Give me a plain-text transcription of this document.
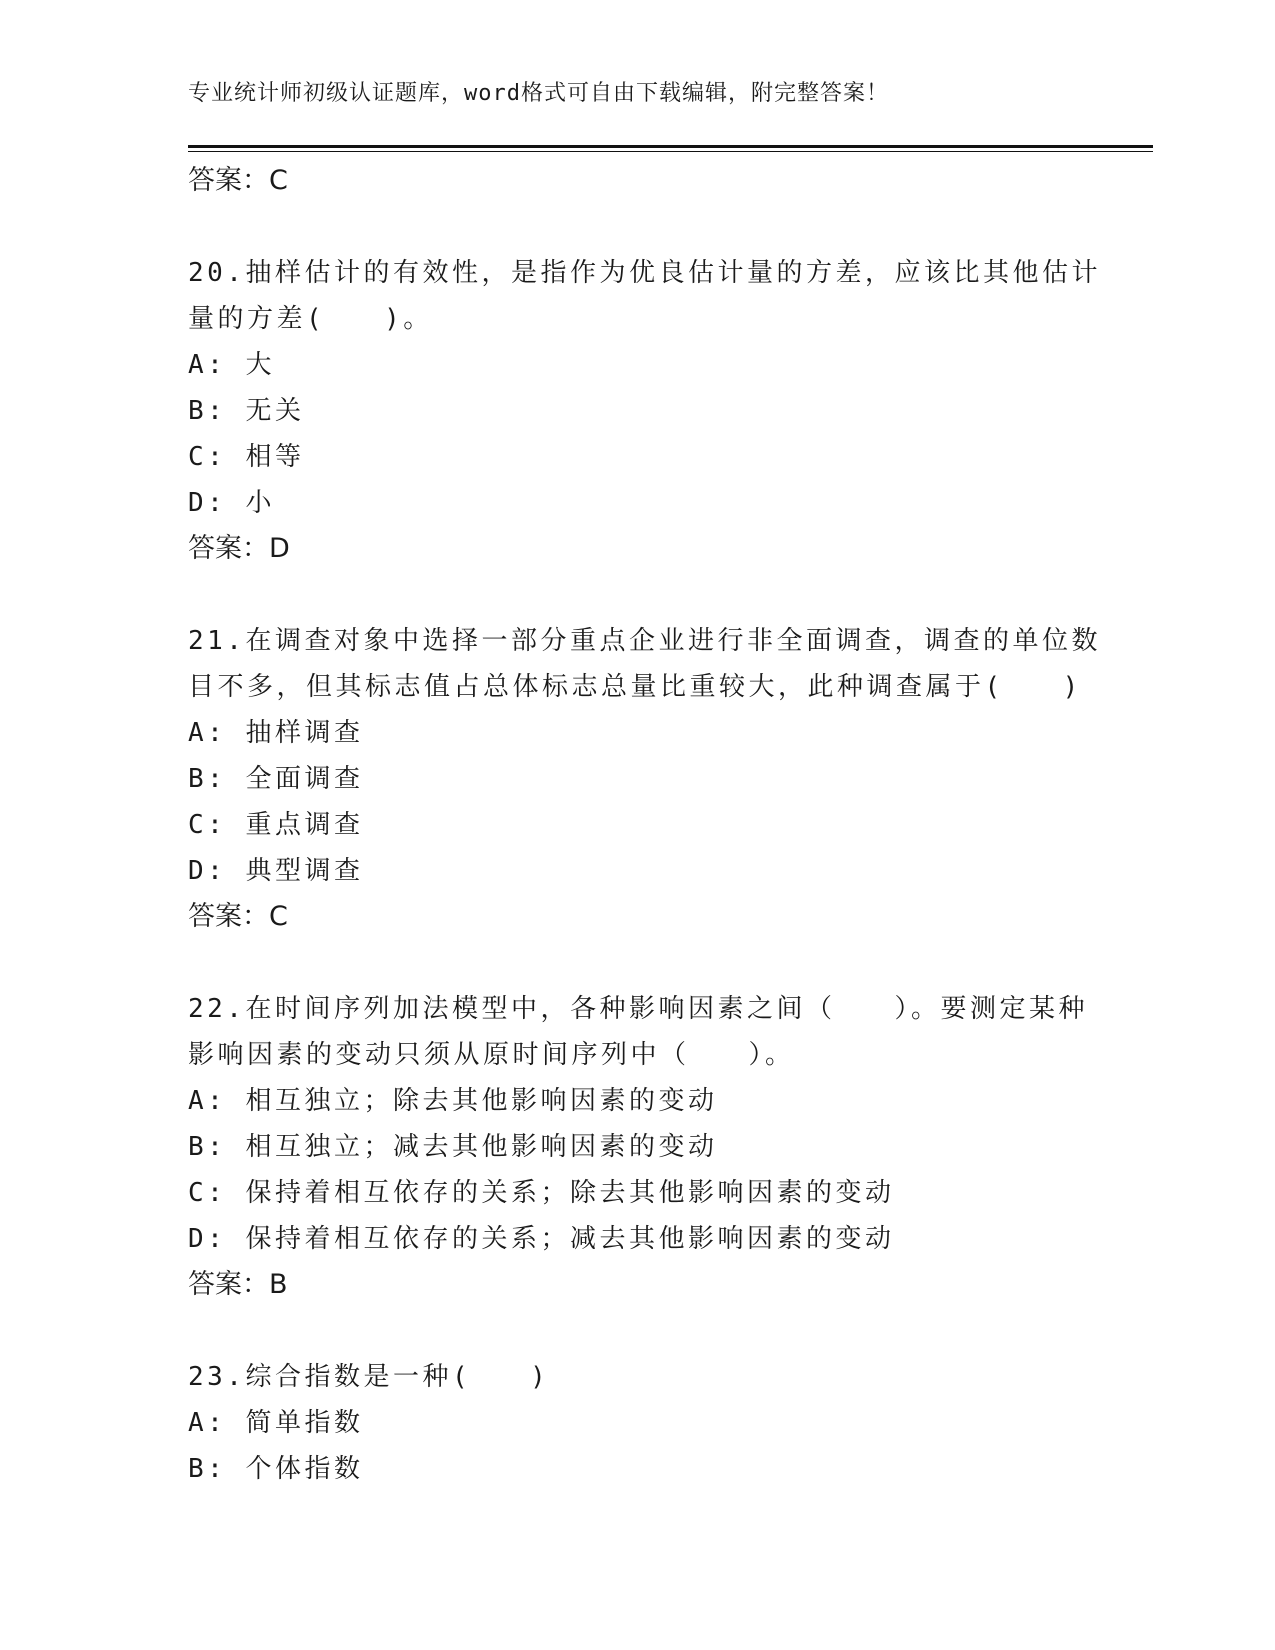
专业统计师初级认证题库，word格式可自由下载编辑，附完整答案！
答案：C
20.抽样估计的有效性，是指作为优良估计量的方差，应该比其他估计
量的方差(　　)。
A: 大
B: 无关
C: 相等
D: 小
答案：D
21.在调查对象中选择一部分重点企业进行非全面调查，调查的单位数
目不多，但其标志值占总体标志总量比重较大，此种调查属于(　　)
A: 抽样调查
B: 全面调查
C: 重点调查
D: 典型调查
答案：C
22.在时间序列加法模型中，各种影响因素之间（　　）。要测定某种
影响因素的变动只须从原时间序列中（　　）。
A: 相互独立；除去其他影响因素的变动
B: 相互独立；减去其他影响因素的变动
C: 保持着相互依存的关系；除去其他影响因素的变动
D: 保持着相互依存的关系；减去其他影响因素的变动
答案：B
23.综合指数是一种(　　)
A: 简单指数
B: 个体指数
